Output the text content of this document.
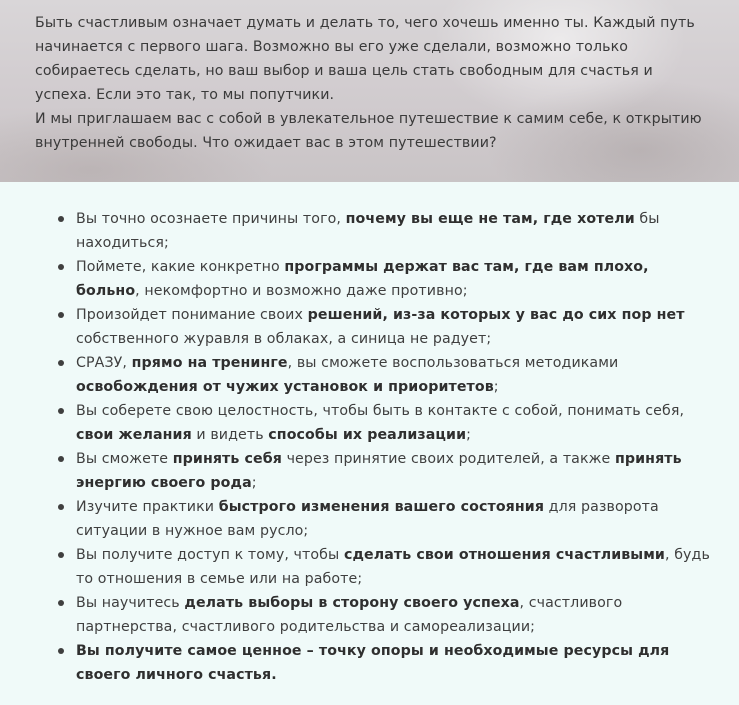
Быть счастливым означает думать и делать то, чего хочешь именно ты. Каждый путь
начинается с первого шага. Возможно вы его уже сделали, возможно только
собираетесь сделать, но ваш выбор и ваша цель стать свободным для счастья и
успеха. Если это так, то мы попутчики.
И мы приглашаем вас с собой в увлекательное путешествие к самим себе, к открытию
внутренней свободы. Что ожидает вас в этом путешествии?

Вы точно осознаете причины того, почему вы еще не там, где хотели бы находиться;
Поймете, какие конкретно программы держат вас там, где вам плохо, больно, некомфортно и возможно даже противно;
Произойдет понимание своих решений, из-за которых у вас до сих пор нет собственного журавля в облаках, а синица не радует;
СРАЗУ, прямо на тренинге, вы сможете воспользоваться методиками освобождения от чужих установок и приоритетов;
Вы соберете свою целостность, чтобы быть в контакте с собой, понимать себя, свои желания и видеть способы их реализации;
Вы сможете принять себя через принятие своих родителей, а также принять энергию своего рода;
Изучите практики быстрого изменения вашего состояния для разворота ситуации в нужное вам русло;
Вы получите доступ к тому, чтобы сделать свои отношения счастливыми, будь то отношения в семье или на работе;
Вы научитесь делать выборы в сторону своего успеха, счастливого партнерства, счастливого родительства и самореализации;
Вы получите самое ценное – точку опоры и необходимые ресурсы для своего личного счастья.
